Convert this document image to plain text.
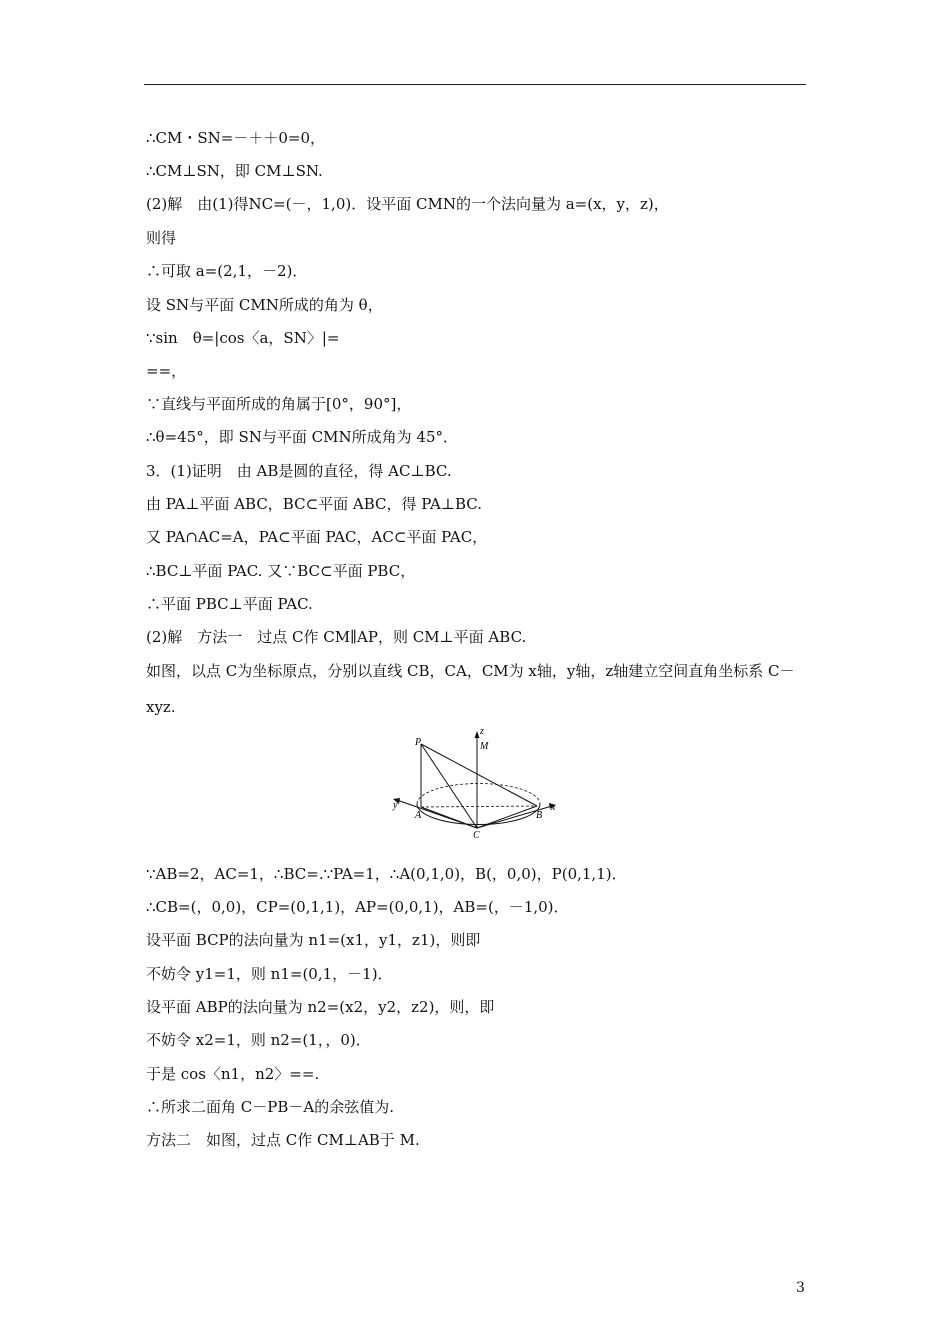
∴CM・SN=－＋＋0=0，
∴CM⊥SN，即 CM⊥SN.
(2)解　由(1)得NC=(－，1,0)．设平面 CMN的一个法向量为 a=(x，y，z)，
则得
∴可取 a=(2,1，－2)．
设 SN与平面 CMN所成的角为 θ，
∵sin　θ=|cos〈a，SN〉|=
==，
∵直线与平面所成的角属于[0°，90°]，
∴θ=45°，即 SN与平面 CMN所成角为 45°．
3．(1)证明　由 AB是圆的直径，得 AC⊥BC.
由 PA⊥平面 ABC，BC⊂平面 ABC，得 PA⊥BC.
又 PA∩AC=A，PA⊂平面 PAC，AC⊂平面 PAC，
∴BC⊥平面 PAC. 又∵BC⊂平面 PBC，
∴平面 PBC⊥平面 PAC.
(2)解　方法一　过点 C作 CM∥AP，则 CM⊥平面 ABC.
如图，以点 C为坐标原点，分别以直线 CB，CA，CM为 x轴，y轴，z轴建立空间直角坐标系 C－
xyz.
P
z
M
y	x
A	B
C
∵AB=2，AC=1，∴BC=.∵PA=1，∴A(0,1,0)，B(，0,0)，P(0,1,1)．
∴CB=(，0,0)，CP=(0,1,1)，AP=(0,0,1)，AB=(，－1,0)．
设平面 BCP的法向量为 n1=(x1，y1，z1)，则即
不妨令 y1=1，则 n1=(0,1，－1)．
设平面 ABP的法向量为 n2=(x2，y2，z2)，则，即
不妨令 x2=1，则 n2=(1，，0)．
于是 cos〈n1，n2〉==.
∴所求二面角 C－PB－A的余弦值为.
方法二　如图，过点 C作 CM⊥AB于 M.
3
